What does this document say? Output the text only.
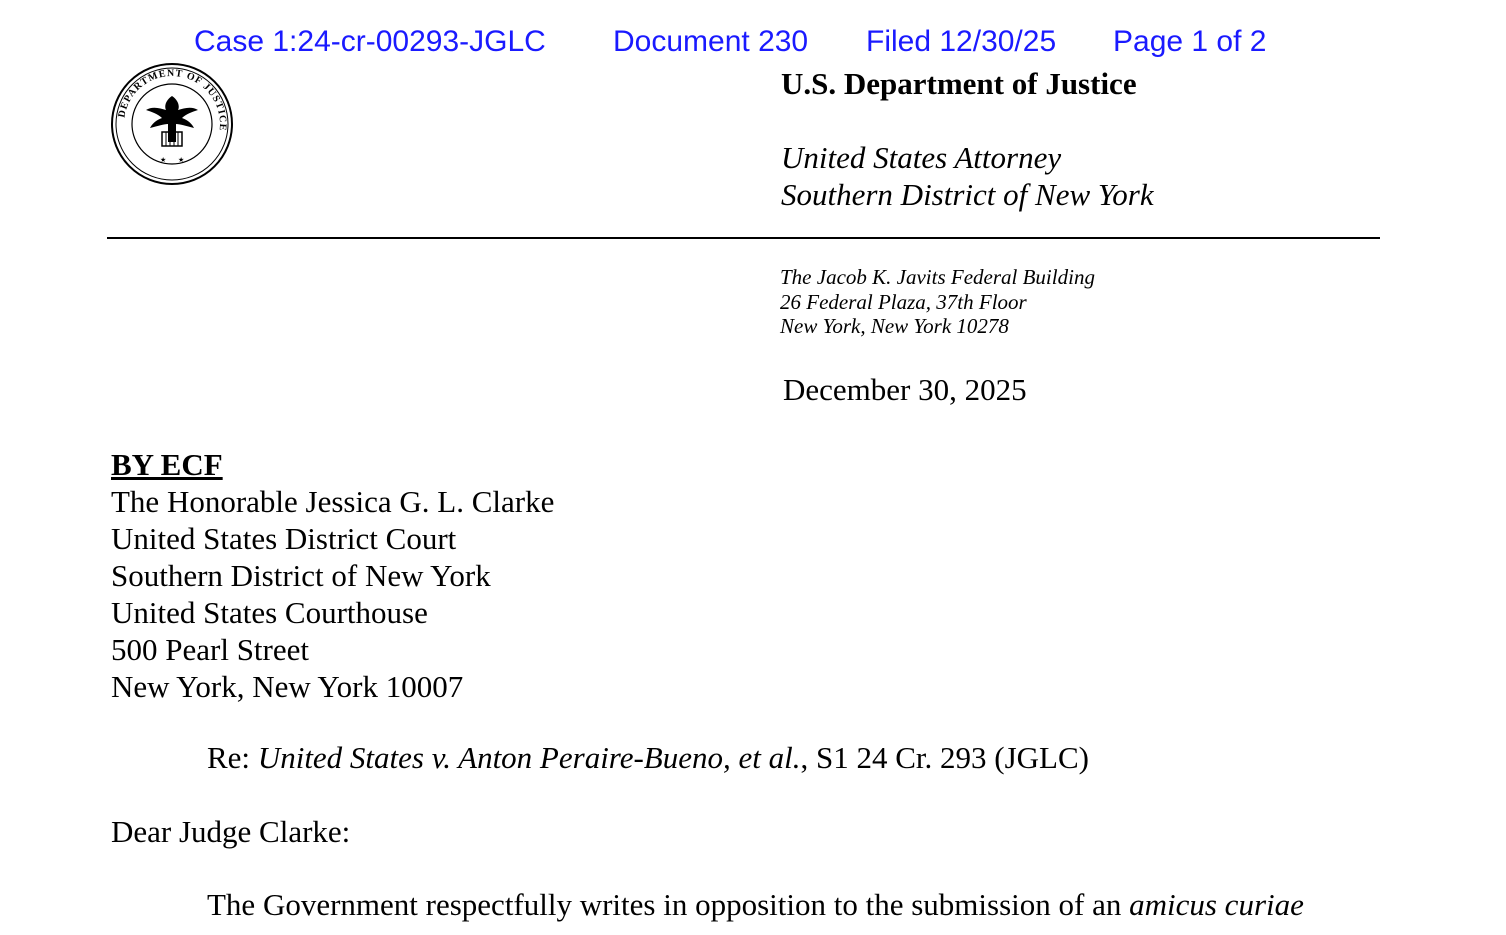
Case 1:24-cr-00293-JGLC Document 230 Filed 12/30/25 Page 1 of 2
DEPARTMENT OF JUSTICE
★ ★
U.S. Department of Justice
United States Attorney
Southern District of New York
The Jacob K. Javits Federal Building
26 Federal Plaza, 37th Floor
New York, New York 10278
December 30, 2025
BY ECF
The Honorable Jessica G. L. Clarke
United States District Court
Southern District of New York
United States Courthouse
500 Pearl Street
New York, New York 10007
Re: United States v. Anton Peraire-Bueno, et al., S1 24 Cr. 293 (JGLC)
Dear Judge Clarke:
The Government respectfully writes in opposition to the submission of an amicus curiae
